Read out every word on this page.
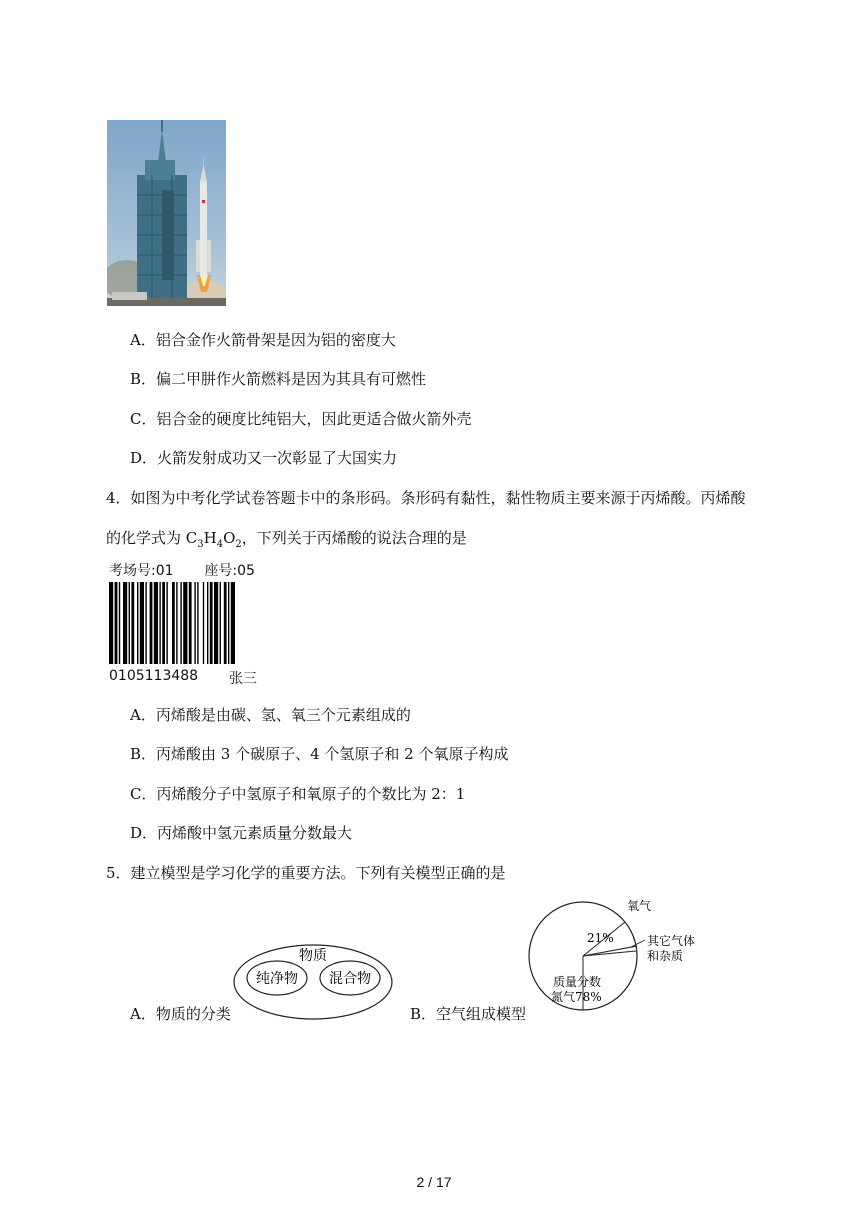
A．铝合金作火箭骨架是因为铝的密度大
B．偏二甲肼作火箭燃料是因为其具有可燃性
C．铝合金的硬度比纯铝大，因此更适合做火箭外壳
D．火箭发射成功又一次彰显了大国实力
4．如图为中考化学试卷答题卡中的条形码。条形码有黏性，黏性物质主要来源于丙烯酸。丙烯酸
的化学式为 $C_3H_4O_2$，下列关于丙烯酸的说法合理的是
考场号:01 座号:05
0105113488 张三
A．丙烯酸是由碳、氢、氧三个元素组成的
B．丙烯酸由 3 个碳原子、4 个氢原子和 2 个氧原子构成
C．丙烯酸分子中氢原子和氧原子的个数比为 2：1
D．丙烯酸中氢元素质量分数最大
5．建立模型是学习化学的重要方法。下列有关模型正确的是
物质
纯净物 混合物
A．物质的分类
氧气
21%	其它气体
和杂质
质量分数
氮气78%
B．空气组成模型
2 / 17
